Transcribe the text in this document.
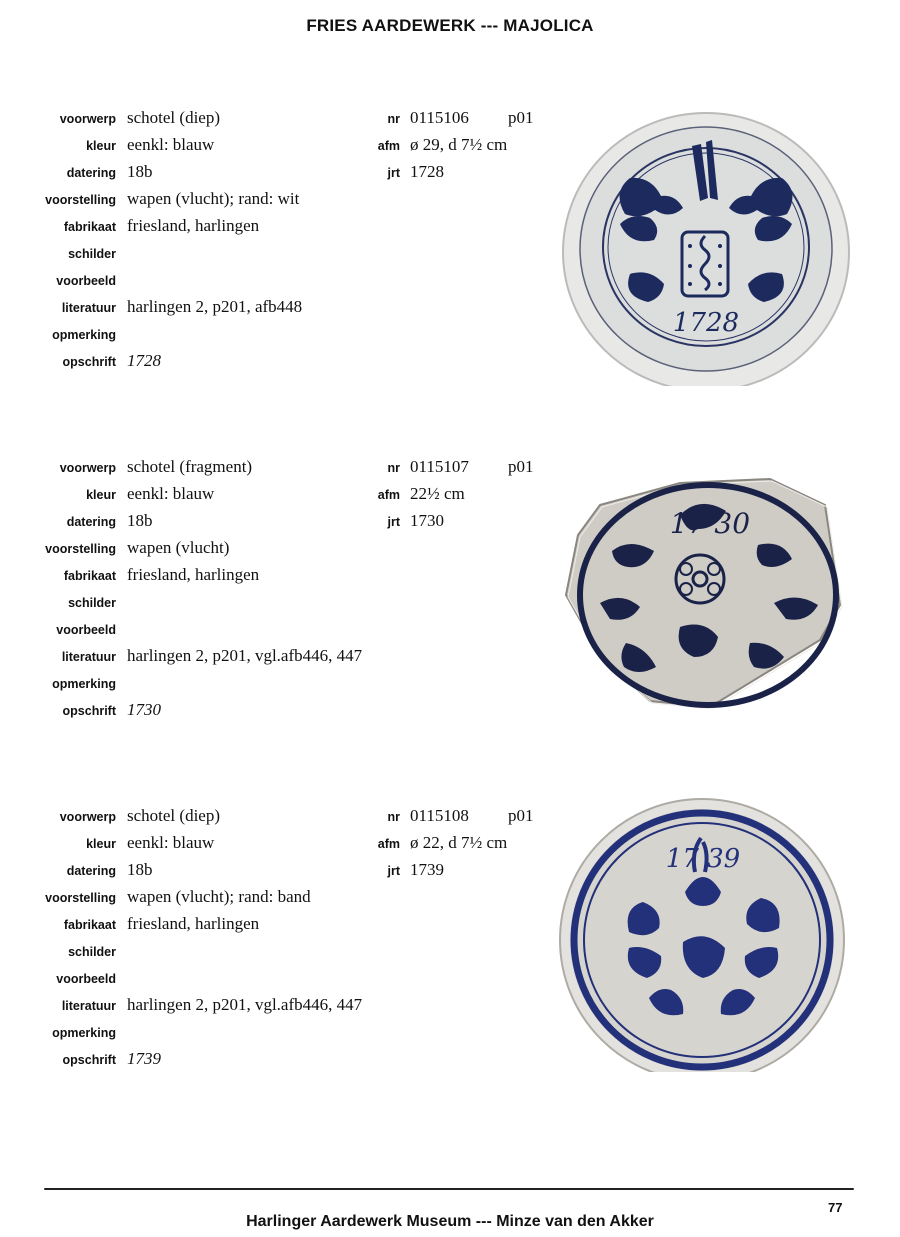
FRIES AARDEWERK --- MAJOLICA
voorwerp schotel (diep)
kleur eenkl: blauw
datering 18b
voorstelling wapen (vlucht); rand: wit
fabrikaat friesland, harlingen
schilder
voorbeeld
literatuur harlingen 2, p201, afb448
opmerking
opschrift 1728
nr 0115106 p01
afm ø 29, d 7½ cm
jrt 1728
1728
voorwerp schotel (fragment)
kleur eenkl: blauw
datering 18b
voorstelling wapen (vlucht)
fabrikaat friesland, harlingen
schilder
voorbeeld
literatuur harlingen 2, p201, vgl.afb446, 447
opmerking
opschrift 1730
nr 0115107 p01
afm 22½ cm
jrt 1730	17 30
voorwerp schotel (diep)
kleur eenkl: blauw
datering 18b
voorstelling wapen (vlucht); rand: band
fabrikaat friesland, harlingen
schilder
voorbeeld
literatuur harlingen 2, p201, vgl.afb446, 447
opmerking
opschrift 1739
nr 0115108 p01
afm ø 22, d 7½ cm
jrt 1739	17 39
77
Harlinger Aardewerk Museum --- Minze van den Akker
